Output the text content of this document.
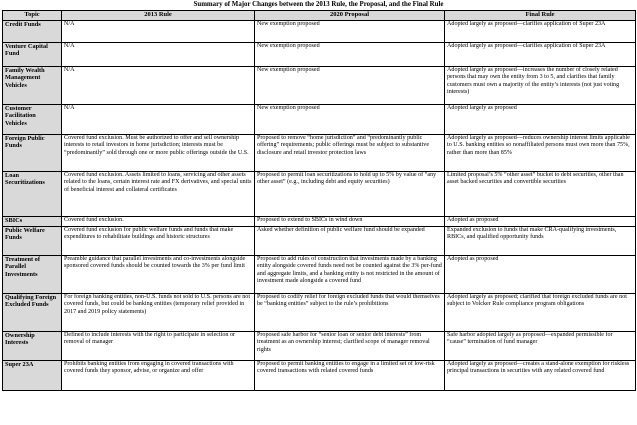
Summary of Major Changes between the 2013 Rule, the Proposal, and the Final Rule
Topic	2013 Rule	2020 Proposal	Final Rule
Credit Funds	N/A	New exemption proposed	Adopted largely as proposed—clarifies application of Super 23A
Venture Capital Fund	N/A	New exemption proposed	Adopted largely as proposed—clarifies application of Super 23A
Family Wealth Management Vehicles	N/A	New exemption proposed	Adopted largely as proposed—increases the number of closely related persons that may own the entity from 3 to 5, and clarifies that family customers must own a majority of the entity’s interests (not just voting interests)
Customer Facilitation Vehicles	N/A	New exemption proposed	Adopted largely as proposed
Foreign Public Funds	Covered fund exclusion. Must be authorized to offer and sell ownership interests to retail investors in home jurisdiction; interests must be “predominantly” sold through one or more public offerings outside the U.S.	Proposed to remove “home jurisdiction” and “predominantly public offering” requirements; public offerings must be subject to substantive disclosure and retail investor protection laws	Adopted largely as proposed—reduces ownership interest limits applicable to U.S. banking entities so nonaffiliated persons must own more than 75%, rather than more than 85%
Loan Securitizations	Covered fund exclusion. Assets limited to loans, servicing and other assets related to the loans, certain interest rate and FX derivatives, and special units of beneficial interest and collateral certificates	Proposed to permit loan securitizations to hold up to 5% by value of “any other asset” (e.g., including debt and equity securities)	Limited proposal’s 5% “other asset” bucket to debt securities, other than asset backed securities and convertible securities
SBICs	Covered fund exclusion.	Proposed to extend to SBICs in wind down	Adopted as proposed
Public Welfare Funds	Covered fund exclusion for public welfare funds and funds that make expenditures to rehabilitate buildings and historic structures	Asked whether definition of public welfare fund should be expanded	Expanded exclusion to funds that make CRA-qualifying investments, RBICs, and qualified opportunity funds
Treatment of Parallel Investments	Preamble guidance that parallel investments and co-investments alongside sponsored covered funds should be counted towards the 3% per fund limit	Proposed to add rules of construction that investments made by a banking entity alongside covered funds need not be counted against the 3% per-fund and aggregate limits, and a banking entity is not restricted in the amount of investment made alongside a covered fund	Adopted as proposed
Qualifying Foreign Excluded Funds	For foreign banking entities, non-U.S. funds not sold to U.S. persons are not covered funds, but could be banking entities (temporary relief provided in 2017 and 2019 policy statements)	Proposed to codify relief for foreign excluded funds that would themselves be “banking entities” subject to the rule’s prohibitions	Adopted largely as proposed; clarified that foreign excluded funds are not subject to Volcker Rule compliance program obligations
Ownership Interests	Defined to include interests with the right to participate in selection or removal of manager	Proposed safe harbor for “senior loan or senior debt interests” from treatment as an ownership interest; clarified scope of manager removal rights	Safe harbor adopted largely as proposed—expanded permissible for “cause” termination of fund manager
Super 23A	Prohibits banking entities from engaging in covered transactions with covered funds they sponsor, advise, or organize and offer	Proposed to permit banking entities to engage in a limited set of low-risk covered transactions with related covered funds	Adopted largely as proposed—creates a stand-alone exemption for riskless principal transactions in securities with any related covered fund
